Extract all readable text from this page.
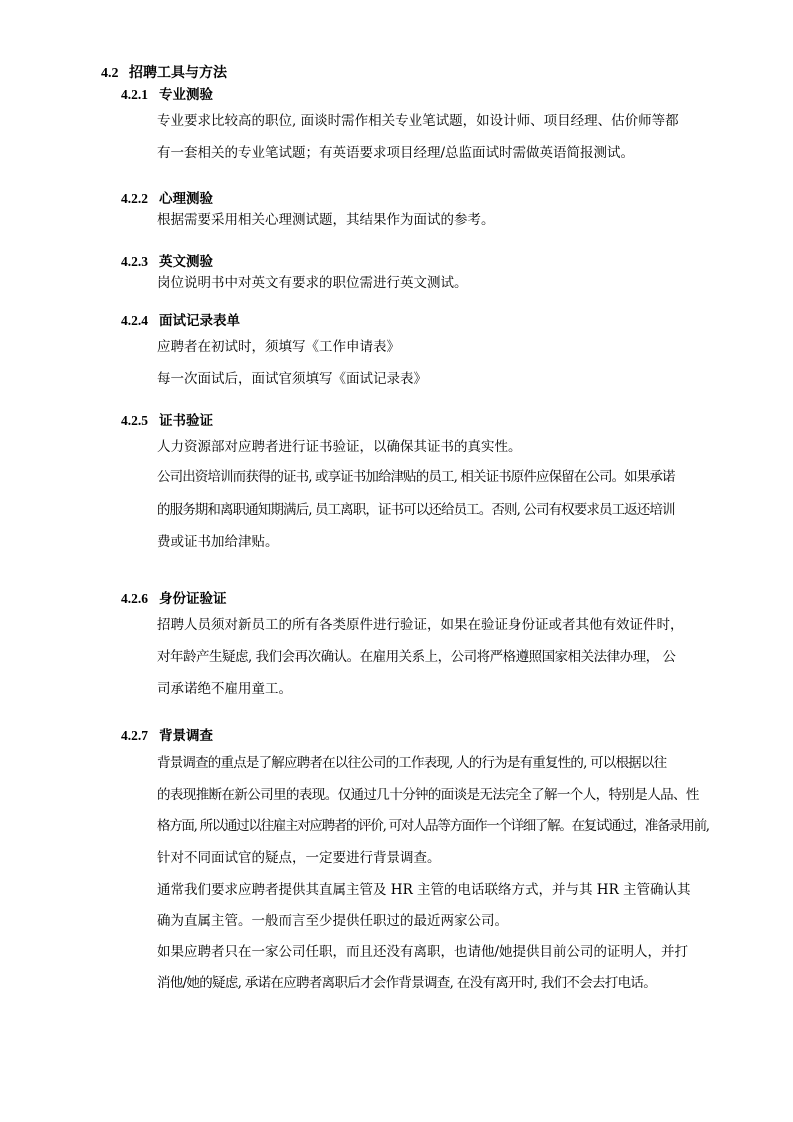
4.2 招聘工具与方法
4.2.1 专业测验
专业要求比较高的职位, 面谈时需作相关专业笔试题，如设计师、项目经理、估价师等都
有一套相关的专业笔试题；有英语要求项目经理/总监面试时需做英语简报测试。
4.2.2 心理测验
根据需要采用相关心理测试题，其结果作为面试的参考。
4.2.3 英文测验
岗位说明书中对英文有要求的职位需进行英文测试。
4.2.4 面试记录表单
应聘者在初试时，须填写《工作申请表》
每一次面试后，面试官须填写《面试记录表》
4.2.5 证书验证
人力资源部对应聘者进行证书验证，以确保其证书的真实性。
公司出资培训而获得的证书, 或享证书加给津贴的员工, 相关证书原件应保留在公司。如果承诺
的服务期和离职通知期满后, 员工离职，证书可以还给员工。否则, 公司有权要求员工返还培训
费或证书加给津贴。
4.2.6 身份证验证
招聘人员须对新员工的所有各类原件进行验证，如果在验证身份证或者其他有效证件时，
对年龄产生疑虑, 我们会再次确认。在雇用关系上，公司将严格遵照国家相关法律办理， 公
司承诺绝不雇用童工。
4.2.7 背景调查
背景调查的重点是了解应聘者在以往公司的工作表现, 人的行为是有重复性的, 可以根据以往
的表现推断在新公司里的表现。仅通过几十分钟的面谈是无法完全了解一个人，特别是人品、性
格方面, 所以通过以往雇主对应聘者的评价, 可对人品等方面作一个详细了解。在复试通过，准备录用前,
针对不同面试官的疑点，一定要进行背景调查。
通常我们要求应聘者提供其直属主管及 HR 主管的电话联络方式，并与其 HR 主管确认其
确为直属主管。一般而言至少提供任职过的最近两家公司。
如果应聘者只在一家公司任职，而且还没有离职，也请他/她提供目前公司的证明人，并打
消他/她的疑虑, 承诺在应聘者离职后才会作背景调查, 在没有离开时, 我们不会去打电话。
